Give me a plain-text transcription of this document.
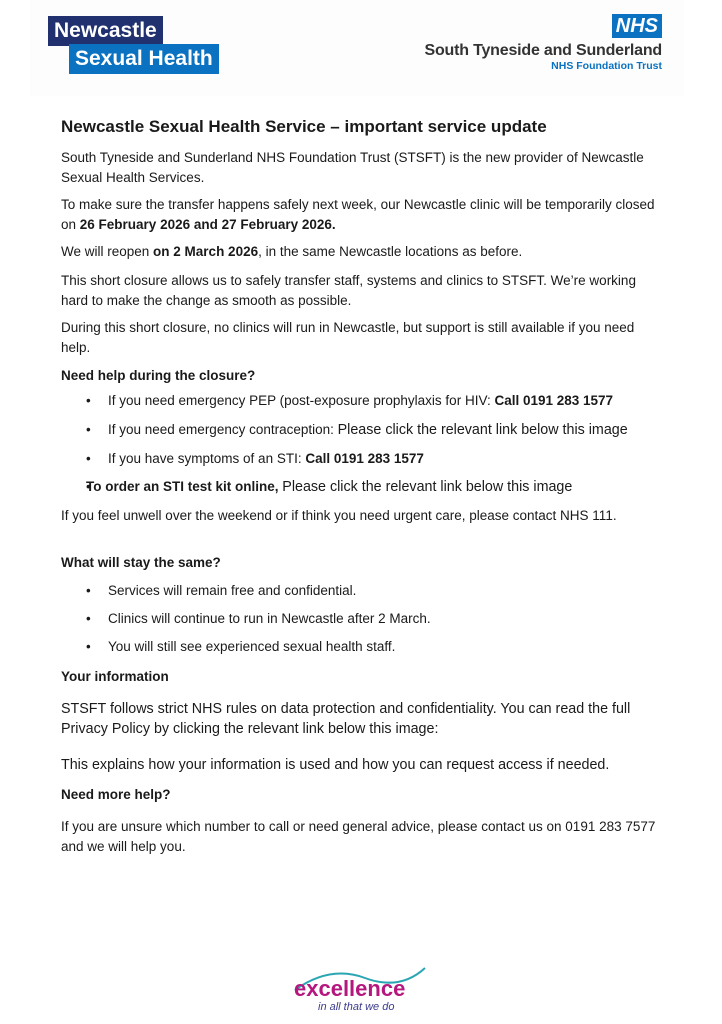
Newcastle
Sexual Health
NHS
South Tyneside and Sunderland
NHS Foundation Trust
Newcastle Sexual Health Service – important service update
South Tyneside and Sunderland NHS Foundation Trust (STSFT) is the new provider of Newcastle Sexual Health Services.
To make sure the transfer happens safely next week, our Newcastle clinic will be temporarily closed on 26 February 2026 and 27 February 2026.
We will reopen on 2 March 2026, in the same Newcastle locations as before.
This short closure allows us to safely transfer staff, systems and clinics to STSFT. We’re working hard to make the change as smooth as possible.
During this short closure, no clinics will run in Newcastle, but support is still available if you need help.
Need help during the closure?
• If you need emergency PEP (post-exposure prophylaxis for HIV: Call 0191 283 1577
• If you need emergency contraception: Please click the relevant link below this image
• If you have symptoms of an STI: Call 0191 283 1577
• To order an STI test kit online, Please click the relevant link below this image
If you feel unwell over the weekend or if think you need urgent care, please contact NHS 111.
What will stay the same?
• Services will remain free and confidential.
• Clinics will continue to run in Newcastle after 2 March.
• You will still see experienced sexual health staff.
Your information
STSFT follows strict NHS rules on data protection and confidentiality. You can read the full Privacy Policy by clicking the relevant link below this image:
This explains how your information is used and how you can request access if needed.
Need more help?
If you are unsure which number to call or need general advice, please contact us on 0191 283 7577 and we will help you.
excellence
in all that we do
